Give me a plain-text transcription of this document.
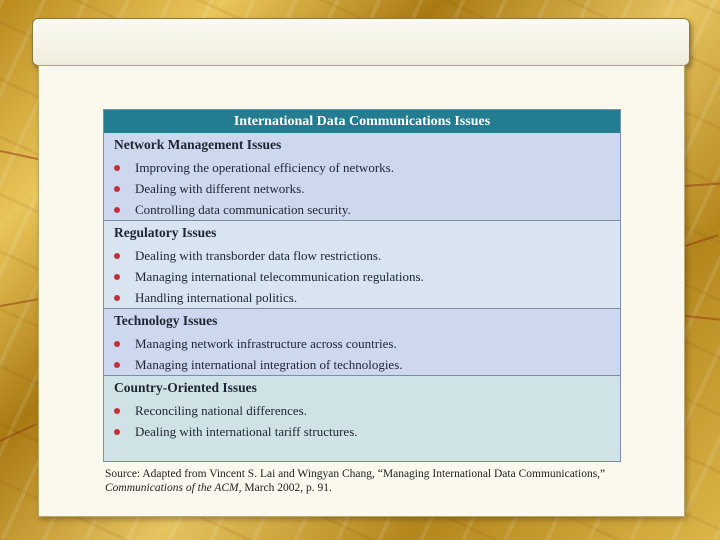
International Data Communications Issues
Network Management Issues
Improving the operational efficiency of networks.
Dealing with different networks.
Controlling data communication security.
Regulatory Issues
Dealing with transborder data flow restrictions.
Managing international telecommunication regulations.
Handling international politics.
Technology Issues
Managing network infrastructure across countries.
Managing international integration of technologies.
Country-Oriented Issues
Reconciling national differences.
Dealing with international tariff structures.
Source: Adapted from Vincent S. Lai and Wingyan Chang, “Managing International Data Communications,”
Communications of the ACM, March 2002, p. 91.
